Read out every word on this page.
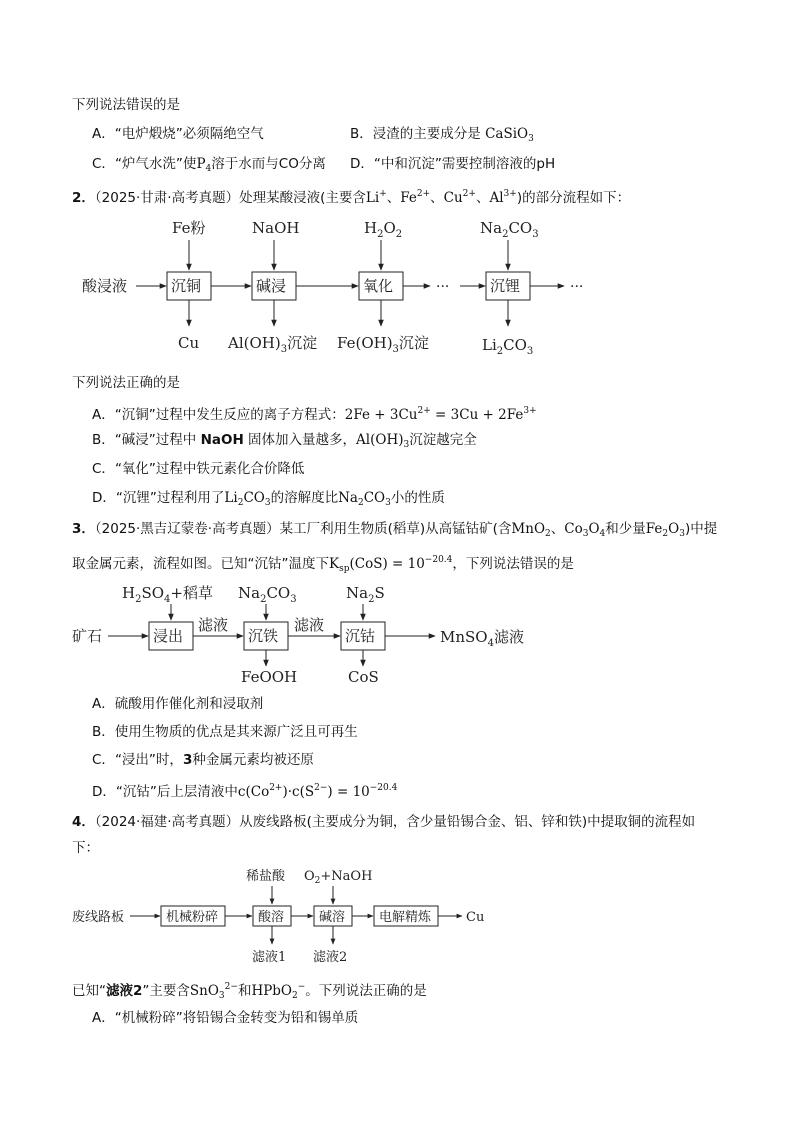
下列说法错误的是
A．“电炉煅烧”必须隔绝空气	B．浸渣的主要成分是 CaSiO$_3$
C．“炉气水洗”使$P_4$溶于水而与CO分离 D．“中和沉淀”需要控制溶液的pH
2．（2025·甘肃·高考真题）处理某酸浸液(主要含Li+、$Fe^{2+}$、$Cu^{2+}$、$Al^{3+}$)的部分流程如下：
酸浸液	沉铜	碱浸	氧化	···	沉锂	···
Fe粉	NaOH	$H_2O_2$	$Na_2CO_3$
Cu $Al(OH)_3$沉淀 $Fe(OH)_3$沉淀	$Li_2CO_3$
下列说法正确的是
A．“沉铜”过程中发生反应的离子方程式：$2Fe + 3Cu^{2+} = 3Cu + 2Fe^{3+}$
B．“碱浸”过程中 NaOH 固体加入量越多，$Al(OH)_3$沉淀越完全
C．“氧化”过程中铁元素化合价降低
D．“沉锂”过程利用了$Li_2CO_3$的溶解度比$Na_2CO_3$小的性质
3．（2025·黑吉辽蒙卷·高考真题）某工厂利用生物质(稻草)从高锰钴矿(含MnO$_2$、$Co_3O_4$和少量$Fe_2O_3$)中提
取金属元素，流程如图。已知“沉钴”温度下$K_{sp}(CoS) = 10^{-20.4}$，下列说法错误的是
矿石	浸出
滤液
沉铁
滤液
沉钴	MnSO$_4$滤液
$H_2SO_4+$稻草 $Na_2CO_3$	$Na_2S$
FeOOH	CoS
A．硫酸用作催化剂和浸取剂
B．使用生物质的优点是其来源广泛且可再生
C．“浸出”时，3种金属元素均被还原
D．“沉钴”后上层清液中$c(Co^{2+})\cdot c(S^{2-}) = 10^{-20.4}$
4．（2024·福建·高考真题）从废线路板(主要成分为铜，含少量铅锡合金、铝、锌和铁)中提取铜的流程如
下：
废线路板	机械粉碎	酸溶	碱溶	电解精炼	Cu
稀盐酸 $O_2+NaOH$
滤液1 滤液2
已知“滤液2”主要含SnO$_3^{2-}$和HPbO$_2$−。下列说法正确的是
A．“机械粉碎”将铅锡合金转变为铅和锡单质
